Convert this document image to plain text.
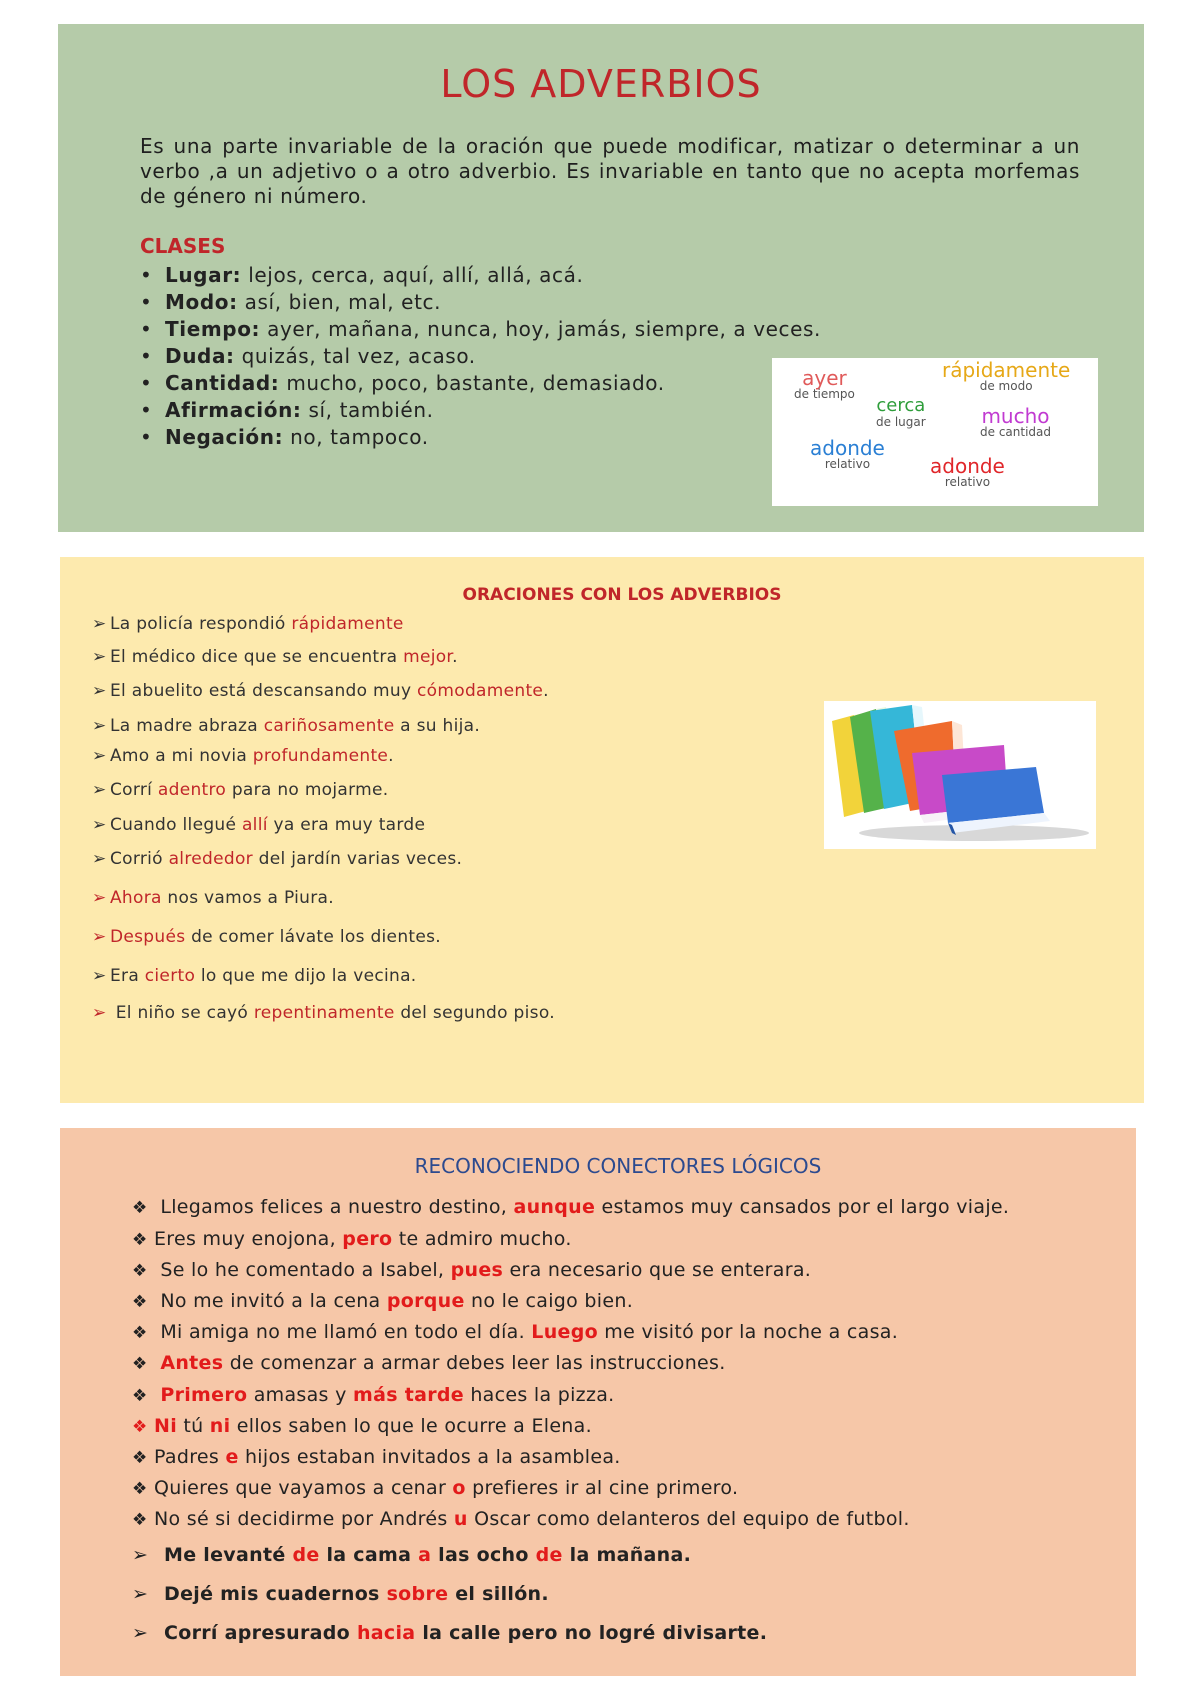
LOS ADVERBIOS
Es una parte invariable de la oración que puede modificar, matizar o determinar a un verbo ,a un adjetivo o a otro adverbio. Es invariable en tanto que no acepta morfemas de género ni número.
CLASES
• Lugar: lejos, cerca, aquí, allí, allá, acá.
• Modo: así, bien, mal, etc.
• Tiempo: ayer, mañana, nunca, hoy, jamás, siempre, a veces.
• Duda: quizás, tal vez, acaso.
• Cantidad: mucho, poco, bastante, demasiado.
• Afirmación: sí, también.
• Negación: no, tampoco.
ayer
de tiempo
rápidamente
de modo
cerca
de lugar	mucho
de cantidad
adonde
relativo	adonde
relativo
ORACIONES CON LOS ADVERBIOS
➢ La policía respondió rápidamente
➢ El médico dice que se encuentra mejor.
➢ El abuelito está descansando muy cómodamente.
➢ La madre abraza cariñosamente a su hija.
➢ Amo a mi novia profundamente.
➢ Corrí adentro para no mojarme.
➢ Cuando llegué allí ya era muy tarde
➢ Corrió alrededor del jardín varias veces.
➢ Ahora nos vamos a Piura.
➢ Después de comer lávate los dientes.
➢ Era cierto lo que me dijo la vecina.
➢ El niño se cayó repentinamente del segundo piso.
RECONOCIENDO CONECTORES LÓGICOS
❖ Llegamos felices a nuestro destino, aunque estamos muy cansados por el largo viaje.
❖ Eres muy enojona, pero te admiro mucho.
❖ Se lo he comentado a Isabel, pues era necesario que se enterara.
❖ No me invitó a la cena porque no le caigo bien.
❖ Mi amiga no me llamó en todo el día. Luego me visitó por la noche a casa.
❖ Antes de comenzar a armar debes leer las instrucciones.
❖ Primero amasas y más tarde haces la pizza.
❖ Ni tú ni ellos saben lo que le ocurre a Elena.
❖ Padres e hijos estaban invitados a la asamblea.
❖ Quieres que vayamos a cenar o prefieres ir al cine primero.
❖ No sé si decidirme por Andrés u Oscar como delanteros del equipo de futbol.
➢ Me levanté de la cama a las ocho de la mañana.
➢ Dejé mis cuadernos sobre el sillón.
➢ Corrí apresurado hacia la calle pero no logré divisarte.
